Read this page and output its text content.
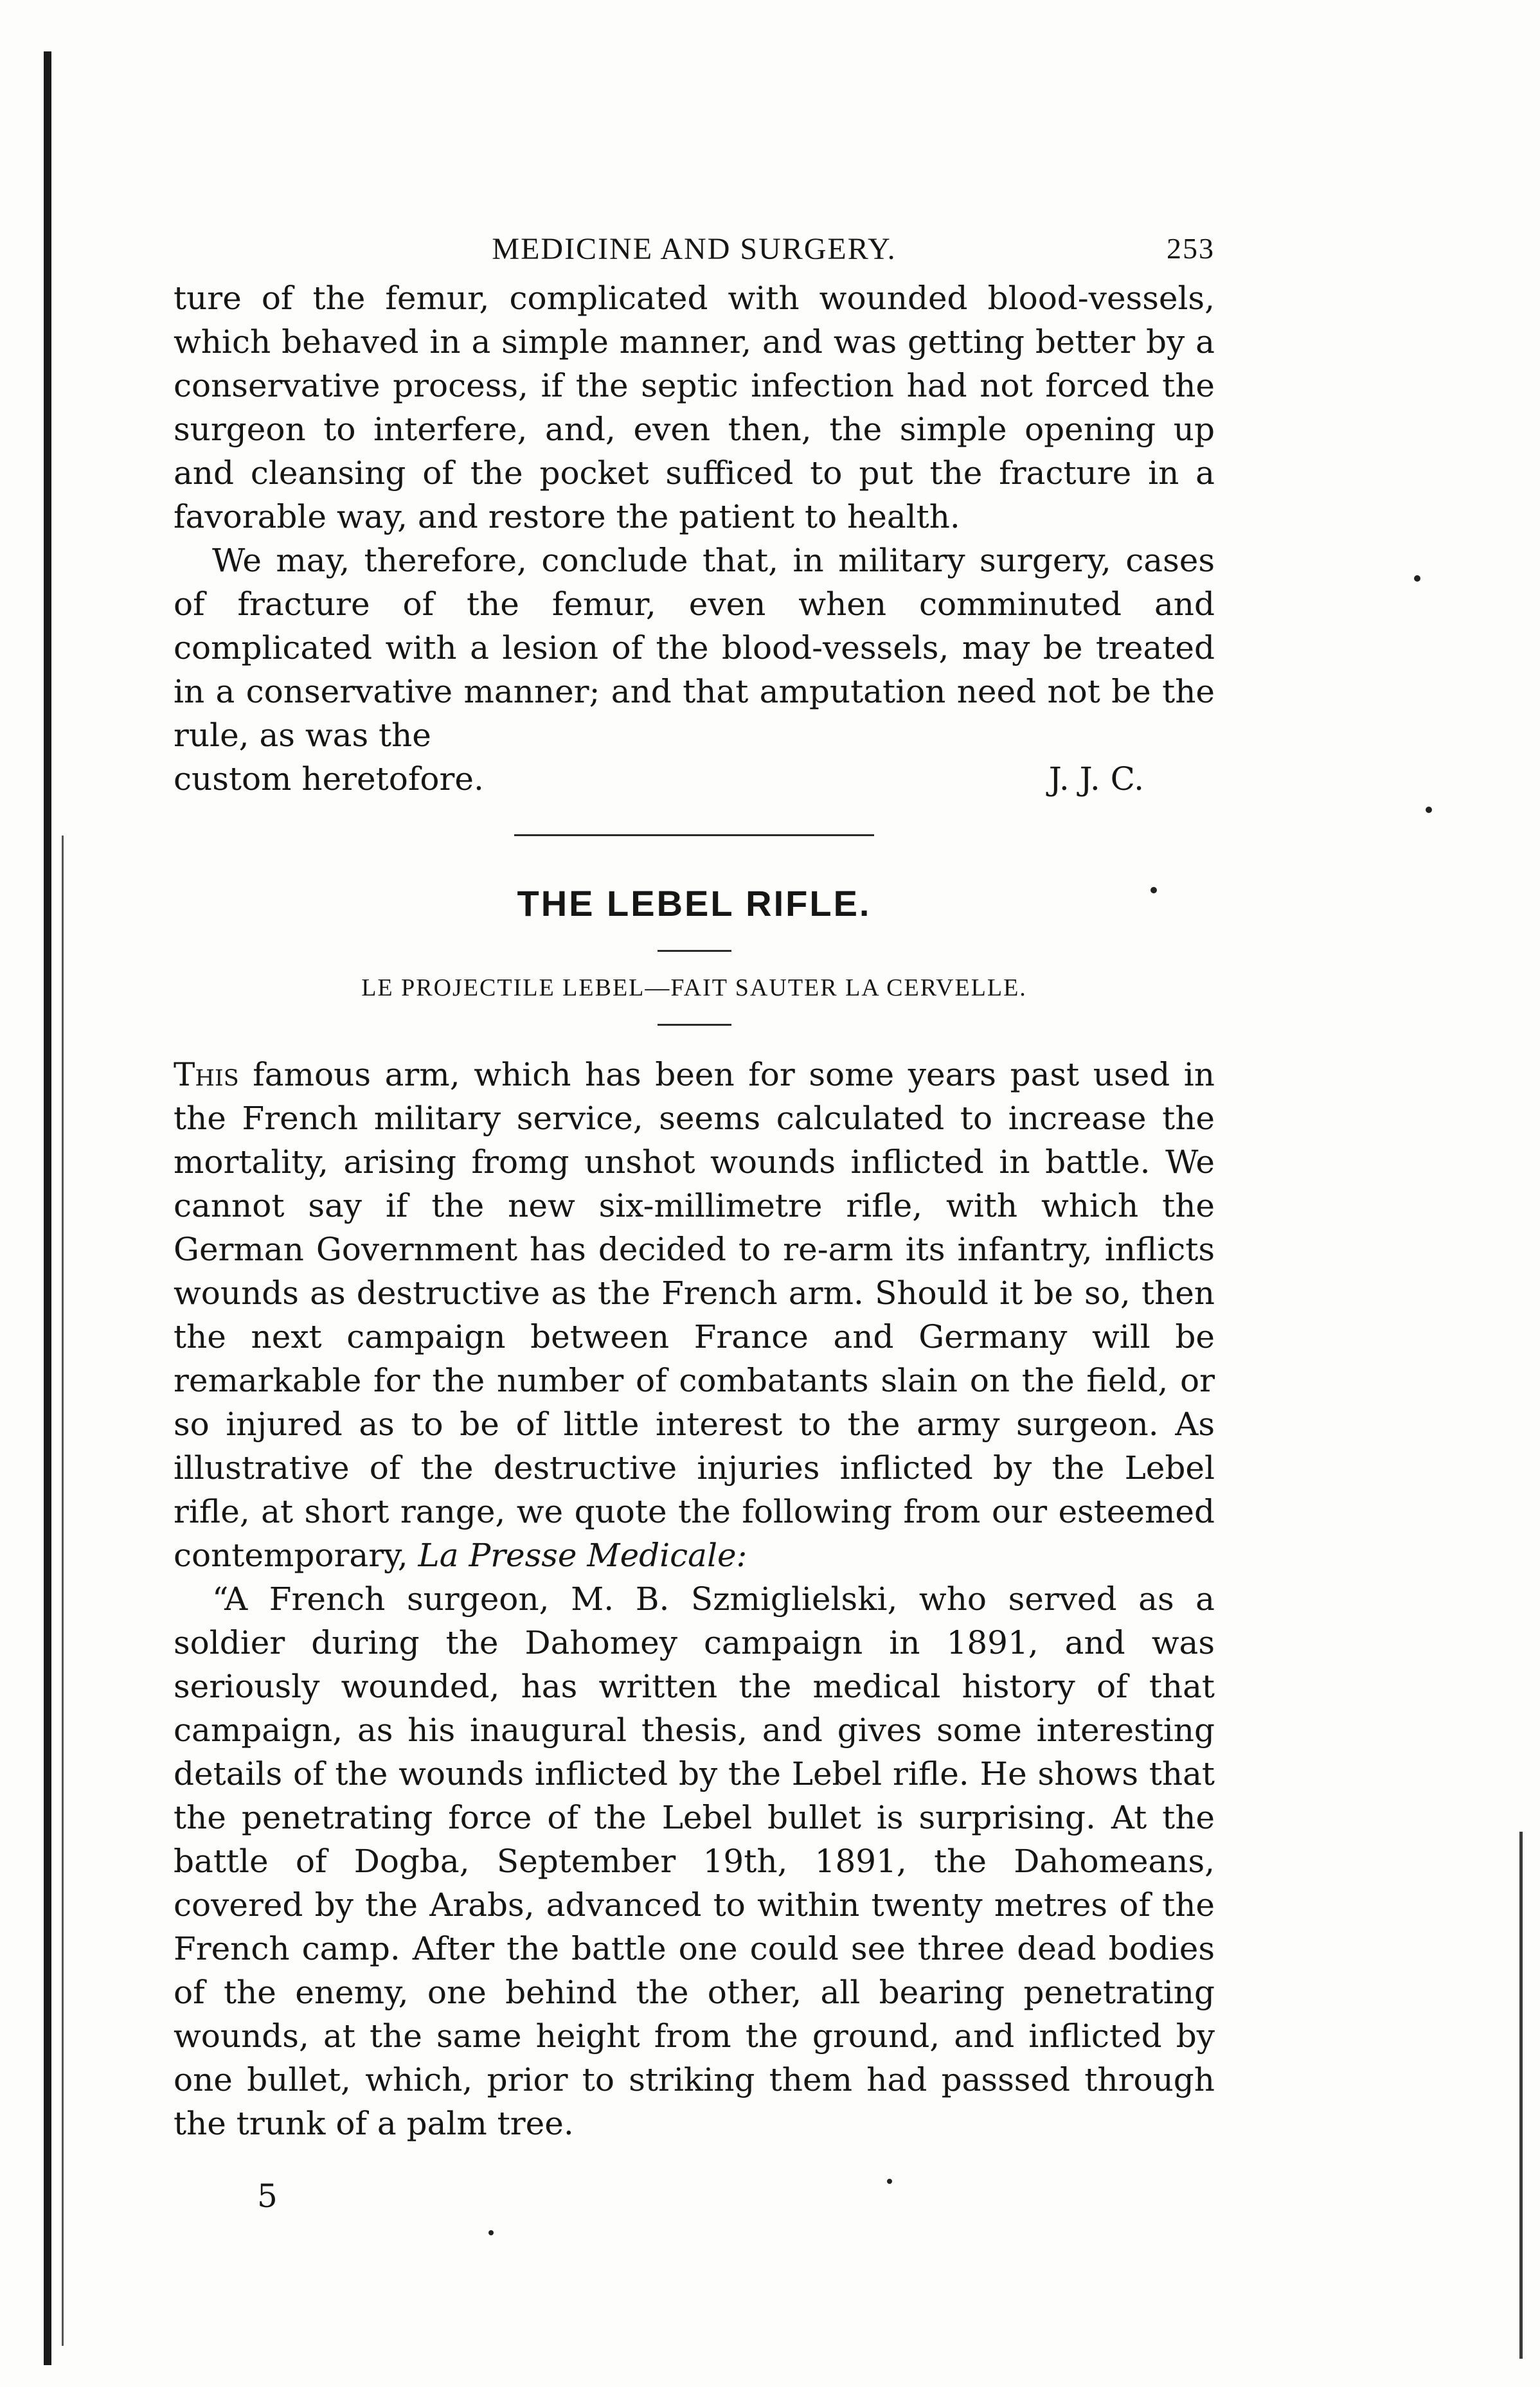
MEDICINE AND SURGERY.	253

ture of the femur, complicated with wounded blood-vessels, which behaved in a simple manner, and was getting better by a conservative process, if the septic infection had not forced the surgeon to interfere, and, even then, the simple opening up and cleansing of the pocket sufficed to put the fracture in a favorable way, and restore the patient to health.

We may, therefore, conclude that, in military surgery, cases of fracture of the femur, even when comminuted and complicated with a lesion of the blood-vessels, may be treated in a conservative manner; and that amputation need not be the rule, as was the

custom heretofore.	J. J. C.

THE LEBEL RIFLE.
LE PROJECTILE LEBEL—FAIT SAUTER LA CERVELLE.

This famous arm, which has been for some years past used in the French military service, seems calculated to increase the mortality, arising fromg unshot wounds inflicted in battle. We cannot say if the new six-millimetre rifle, with which the German Government has decided to re-arm its infantry, inflicts wounds as destructive as the French arm. Should it be so, then the next campaign between France and Germany will be remarkable for the number of combatants slain on the field, or so injured as to be of little interest to the army surgeon. As illustrative of the destructive injuries inflicted by the Lebel rifle, at short range, we quote the following from our esteemed contemporary, La Presse Medicale:

“A French surgeon, M. B. Szmiglielski, who served as a soldier during the Dahomey campaign in 1891, and was seriously wounded, has written the medical history of that campaign, as his inaugural thesis, and gives some interesting details of the wounds inflicted by the Lebel rifle. He shows that the penetrating force of the Lebel bullet is surprising. At the battle of Dogba, September 19th, 1891, the Dahomeans, covered by the Arabs, advanced to within twenty metres of the French camp. After the battle one could see three dead bodies of the enemy, one behind the other, all bearing penetrating wounds, at the same height from the ground, and inflicted by one bullet, which, prior to striking them had passsed through the trunk of a palm tree.

5
